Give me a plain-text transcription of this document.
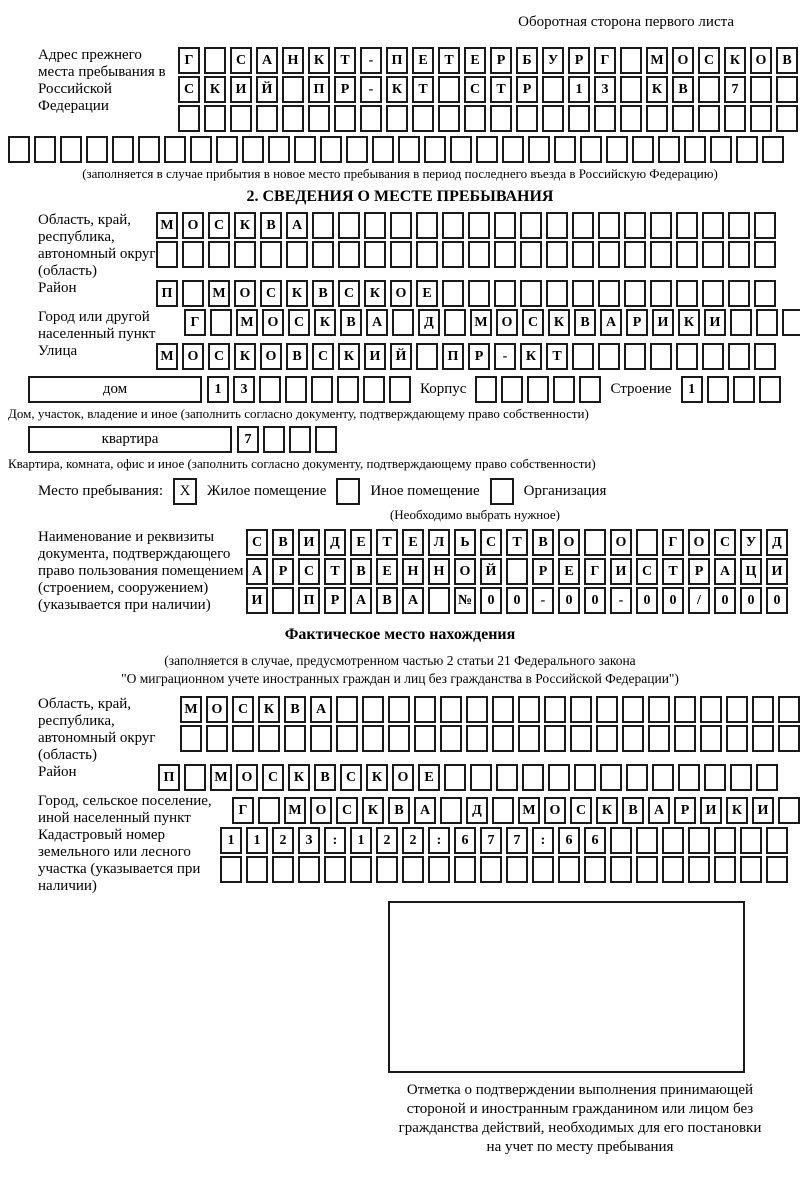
Оборотная сторона первого листа
Адрес прежнего места пребывания в Российской Федерации
Г	С	А	Н	К	Т	-	П	Е	Т	Е	Р	Б	У	Р	Г	М О	С	К	О	В
С	К	И	Й	П	Р	-	К	Т	С	Т	Р	1	3	К	В	7
(заполняется в случае прибытия в новое место пребывания в период последнего въезда в Российскую Федерацию)
2. СВЕДЕНИЯ О МЕСТЕ ПРЕБЫВАНИЯ
Область, край, республика, автономный округ (область)
М О	С	К	В	А
Район	П	М О	С	К	В	С	К	О	Е
Город или другой населенный пункт
Г	М О	С	К	В	А	Д	М О	С	К	В	А	Р	И	К	И
Улица	М О	С	К	О	В	С	К	И	Й	П	Р	-	К	Т
дом	1	3	Корпус	Строение	1
Дом, участок, владение и иное (заполнить согласно документу, подтверждающему право собственности)
квартира	7
Квартира, комната, офис и иное (заполнить согласно документу, подтверждающему право собственности)
Место пребывания:	X	Жилое помещение	Иное помещение	Организация
(Необходимо выбрать нужное)
Наименование и реквизиты документа, подтверждающего право пользования помещением (строением, сооружением) (указывается при наличии)
С	В	И	Д	Е	Т	Е	Л	Ь	С	Т	В	О	О	Г	О	С	У	Д
А	Р	С	Т	В	Е	Н	Н	О	Й	Р	Е	Г	И	С	Т	Р	А	Ц	И
И	П	Р	А	В	А	№	0	0	-	0	0	-	0	0	/	0	0	0
Фактическое место нахождения
(заполняется в случае, предусмотренном частью 2 статьи 21 Федерального закона
"О миграционном учете иностранных граждан и лиц без гражданства в Российской Федерации")
Область, край, республика, автономный округ (область)
М О	С	К	В	А
Район	П	М О	С	К	В	С	К	О	Е
Город, сельское поселение, иной населенный пункт	Г	М О	С	К	В	А	Д	М О	С	К	В	А	Р	И	К	И
Кадастровый номер земельного или лесного участка (указывается при наличии)
1	1	2	3	:	1	2	2	:	6	7	7	:	6	6
Отметка о подтверждении выполнения принимающей
стороной и иностранным гражданином или лицом без
гражданства действий, необходимых для его постановки
на учет по месту пребывания
